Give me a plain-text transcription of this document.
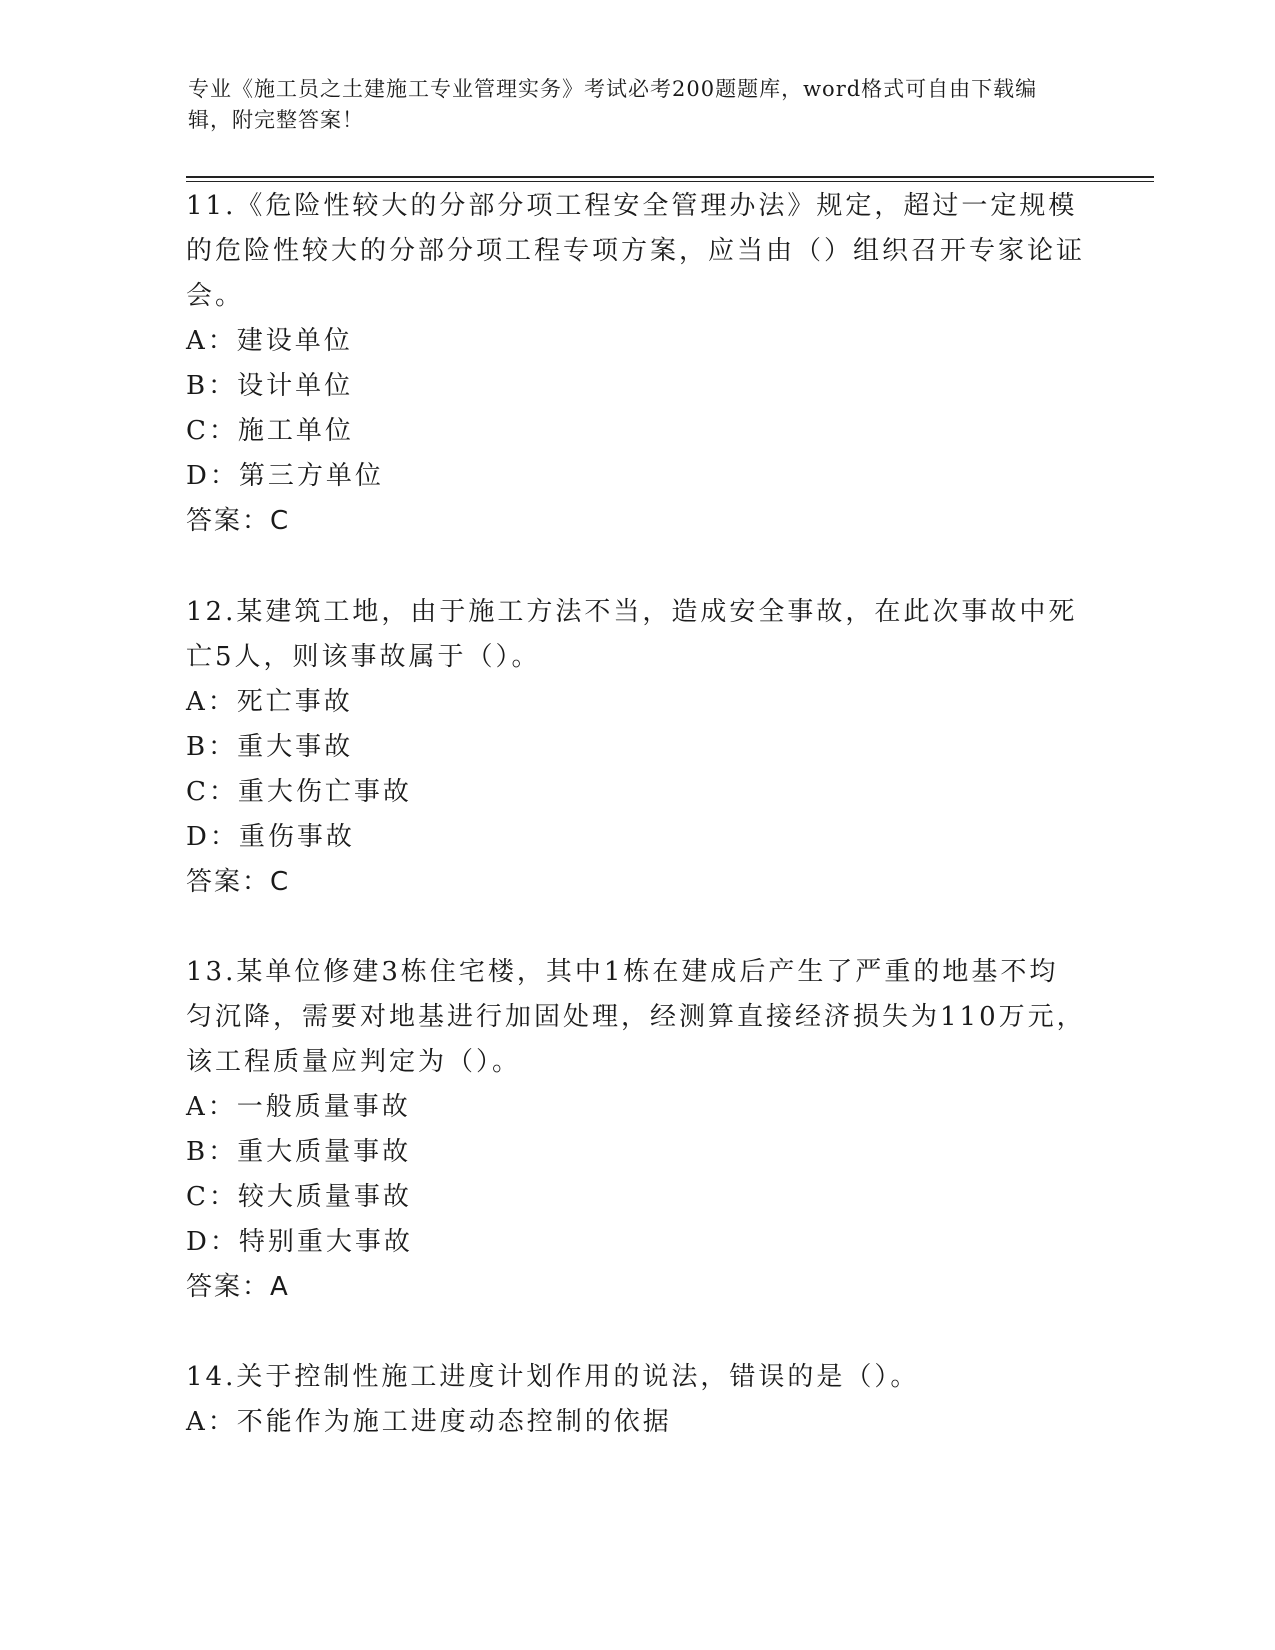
专业《施工员之土建施工专业管理实务》考试必考200题题库，word格式可自由下载编辑，附完整答案！
11.《危险性较大的分部分项工程安全管理办法》规定，超过一定规模的危险性较大的分部分项工程专项方案，应当由（）组织召开专家论证会。
A：建设单位
B：设计单位
C：施工单位
D：第三方单位
答案：C
12.某建筑工地，由于施工方法不当，造成安全事故，在此次事故中死亡5人，则该事故属于（）。
A：死亡事故
B：重大事故
C：重大伤亡事故
D：重伤事故
答案：C
13.某单位修建3栋住宅楼，其中1栋在建成后产生了严重的地基不均匀沉降，需要对地基进行加固处理，经测算直接经济损失为110万元，该工程质量应判定为（）。
A：一般质量事故
B：重大质量事故
C：较大质量事故
D：特别重大事故
答案：A
14.关于控制性施工进度计划作用的说法，错误的是（）。
A：不能作为施工进度动态控制的依据
